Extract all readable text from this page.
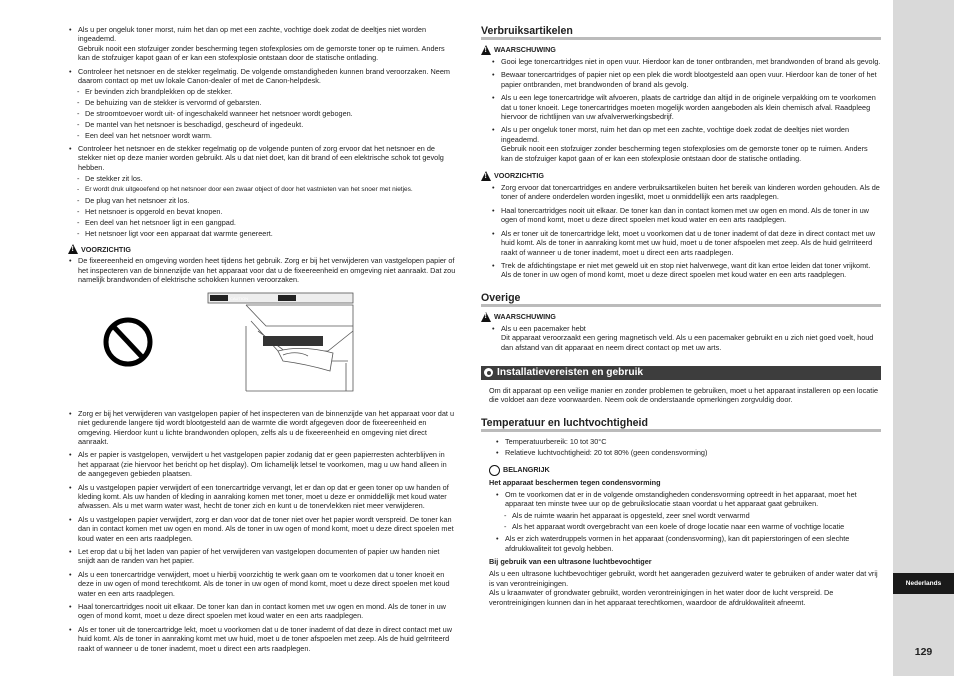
• Als u per ongeluk toner morst, ruim het dan op met een zachte, vochtige doek zodat de deeltjes niet worden ingeademd.

Gebruik nooit een stofzuiger zonder bescherming tegen stofexplosies om de gemorste toner op te ruimen. Anders kan de stofzuiger kapot gaan of er kan een stofexplosie ontstaan door de statische ontlading.

• Controleer het netsnoer en de stekker regelmatig. De volgende omstandigheden kunnen brand veroorzaken. Neem daarom contact op met uw lokale Canon-dealer of met de Canon-helpdesk.

- Er bevinden zich brandplekken op de stekker.
- De behuizing van de stekker is vervormd of gebarsten.
- De stroomtoevoer wordt uit- of ingeschakeld wanneer het netsnoer wordt gebogen.
- De mantel van het netsnoer is beschadigd, gescheurd of ingedeukt.
- Een deel van het netsnoer wordt warm.

• Controleer het netsnoer en de stekker regelmatig op de volgende punten of zorg ervoor dat het netsnoer en de stekker niet op deze manier worden gebruikt. Als u dat niet doet, kan dit brand of een elektrische schok tot gevolg hebben.

- De stekker zit los.
- Er wordt druk uitgeoefend op het netsnoer door een zwaar object of door het vastnieten van het snoer met nietjes.
- De plug van het netsnoer zit los.
- Het netsnoer is opgerold en bevat knopen.
- Een deel van het netsnoer ligt in een gangpad.
- Het netsnoer ligt voor een apparaat dat warmte genereert.
! VOORZICHTIG

• De fixeereenheid en omgeving worden heet tijdens het gebruik. Zorg er bij het verwijderen van vastgelopen papier of het inspecteren van de binnenzijde van het apparaat voor dat u de fixeereenheid en omgeving niet aanraakt. Dat zou namelijk brandwonden of elektrische schokken kunnen veroorzaken.

CAUTION

• Zorg er bij het verwijderen van vastgelopen papier of het inspecteren van de binnenzijde van het apparaat voor dat u niet gedurende langere tijd wordt blootgesteld aan de warmte die wordt afgegeven door de fixeereenheid en omgeving. Hierdoor kunt u lichte brandwonden oplopen, zelfs als u de fixeereenheid en omgeving niet direct aanraakt.

• Als er papier is vastgelopen, verwijdert u het vastgelopen papier zodanig dat er geen papierresten achterblijven in het apparaat (zie hiervoor het bericht op het display). Om lichamelijk letsel te voorkomen, mag u uw hand alleen in de aangegeven gebieden plaatsen.

• Als u vastgelopen papier verwijdert of een tonercartridge vervangt, let er dan op dat er geen toner op uw handen of kleding komt. Als uw handen of kleding in aanraking komen met toner, moet u deze er onmiddellijk met koud water afwassen. Als u met warm water wast, hecht de toner zich en kunt u de tonervlekken niet meer verwijderen.

• Als u vastgelopen papier verwijdert, zorg er dan voor dat de toner niet over het papier wordt verspreid. De toner kan dan in contact komen met uw ogen en mond. Als de toner in uw ogen of mond komt, moet u deze direct spoelen met koud water en een arts raadplegen.

• Let erop dat u bij het laden van papier of het verwijderen van vastgelopen documenten of papier uw handen niet snijdt aan de randen van het papier.

• Als u een tonercartridge verwijdert, moet u hierbij voorzichtig te werk gaan om te voorkomen dat u toner knoeit en deze in uw ogen of mond terechtkomt. Als de toner in uw ogen of mond komt, moet u deze direct spoelen met koud water en een arts raadplegen.

• Haal tonercartridges nooit uit elkaar. De toner kan dan in contact komen met uw ogen en mond. Als de toner in uw ogen of mond komt, moet u deze direct spoelen met koud water en een arts raadplegen.

• Als er toner uit de tonercartridge lekt, moet u voorkomen dat u de toner inademt of dat deze in direct contact met uw huid komt. Als de toner in aanraking komt met uw huid, moet u de toner afspoelen met zeep. Als de huid geïrriteerd raakt of wanneer u de toner inademt, moet u direct een arts raadplegen.

Verbruiksartikelen
! WAARSCHUWING

• Gooi lege tonercartridges niet in open vuur. Hierdoor kan de toner ontbranden, met brandwonden of brand als gevolg.

• Bewaar tonercartridges of papier niet op een plek die wordt blootgesteld aan open vuur. Hierdoor kan de toner of het papier ontbranden, met brandwonden of brand als gevolg.

• Als u een lege tonercartridge wilt afvoeren, plaats de cartridge dan altijd in de originele verpakking om te voorkomen dat u toner knoeit. Lege tonercartridges moeten mogelijk worden aangeboden als klein chemisch afval. Raadpleeg hiervoor de richtlijnen van uw afvalverwerkingsbedrijf.

• Als u per ongeluk toner morst, ruim het dan op met een zachte, vochtige doek zodat de deeltjes niet worden ingeademd.

Gebruik nooit een stofzuiger zonder bescherming tegen stofexplosies om de gemorste toner op te ruimen. Anders kan de stofzuiger kapot gaan of er kan een stofexplosie ontstaan door de statische ontlading.

! VOORZICHTIG

• Zorg ervoor dat tonercartridges en andere verbruiksartikelen buiten het bereik van kinderen worden gehouden. Als de toner of andere onderdelen worden ingeslikt, moet u onmiddellijk een arts raadplegen.

• Haal tonercartridges nooit uit elkaar. De toner kan dan in contact komen met uw ogen en mond. Als de toner in uw ogen of mond komt, moet u deze direct spoelen met koud water en een arts raadplegen.

• Als er toner uit de tonercartridge lekt, moet u voorkomen dat u de toner inademt of dat deze in direct contact met uw huid komt. Als de toner in aanraking komt met uw huid, moet u de toner afspoelen met zeep. Als de huid geïrriteerd raakt of wanneer u de toner inademt, moet u direct een arts raadplegen.

• Trek de afdichtingstape er niet met geweld uit en stop niet halverwege, want dit kan ertoe leiden dat toner vrijkomt. Als de toner in uw ogen of mond komt, moet u deze direct spoelen met koud water en een arts raadplegen.

Overige
! WAARSCHUWING

• Als u een pacemaker hebt

Dit apparaat veroorzaakt een gering magnetisch veld. Als u een pacemaker gebruikt en u zich niet goed voelt, houd dan afstand van dit apparaat en neem direct contact op met uw arts.

Installatievereisten en gebruik

Om dit apparaat op een veilige manier en zonder problemen te gebruiken, moet u het apparaat installeren op een locatie die voldoet aan deze voorwaarden. Neem ook de onderstaande opmerkingen zorgvuldig door.

Temperatuur en luchtvochtigheid
• Temperatuurbereik: 10 tot 30°C
• Relatieve luchtvochtigheid: 20 tot 80% (geen condensvorming)
BELANGRIJK
Het apparaat beschermen tegen condensvorming

• Om te voorkomen dat er in de volgende omstandigheden condensvorming optreedt in het apparaat, moet het apparaat ten minste twee uur op de gebruikslocatie staan voordat u het apparaat gaat gebruiken.

- Als de ruimte waarin het apparaat is opgesteld, zeer snel wordt verwarmd
- Als het apparaat wordt overgebracht van een koele of droge locatie naar een warme of vochtige locatie

• Als er zich waterdruppels vormen in het apparaat (condensvorming), kan dit papierstoringen of een slechte afdrukkwaliteit tot gevolg hebben.

Bij gebruik van een ultrasone luchtbevochtiger

Als u een ultrasone luchtbevochtiger gebruikt, wordt het aangeraden gezuiverd water te gebruiken of ander water dat vrij is van verontreinigingen.

Als u kraanwater of grondwater gebruikt, worden verontreinigingen in het water door de lucht verspreid. De verontreinigingen kunnen dan in het apparaat terechtkomen, waardoor de afdrukkwaliteit afneemt.

Nederlands
129
